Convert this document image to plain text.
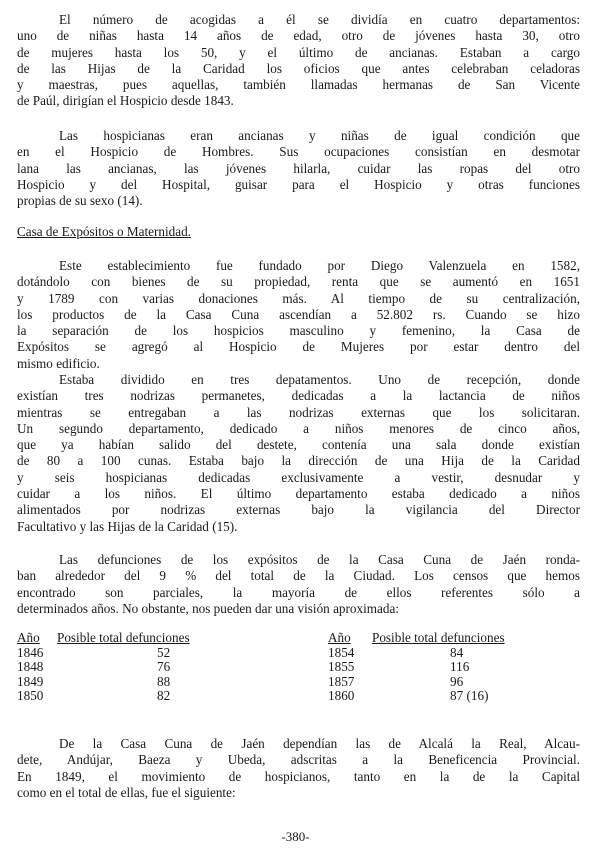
El número de acogidas a él se dividía en cuatro departamentos:
uno de niñas hasta 14 años de edad, otro de jóvenes hasta 30, otro
de mujeres hasta los 50, y el último de ancianas. Estaban a cargo
de las Hijas de la Caridad los oficios que antes celebraban celadoras
y maestras, pues aquellas, también llamadas hermanas de San Vicente
de Paúl, dirigían el Hospicio desde 1843.

Las hospicianas eran ancianas y niñas de igual condición que
en el Hospicio de Hombres. Sus ocupaciones consistían en desmotar
lana las ancianas, las jóvenes hilarla, cuidar las ropas del otro
Hospicio y del Hospital, guisar para el Hospicio y otras funciones
propias de su sexo (14).

Casa de Expósitos o Maternidad.

Este establecimiento fue fundado por Diego Valenzuela en 1582,
dotándolo con bienes de su propiedad, renta que se aumentó en 1651
y 1789 con varias donaciones más. Al tiempo de su centralización,
los productos de la Casa Cuna ascendían a 52.802 rs. Cuando se hizo
la separación de los hospicios masculino y femenino, la Casa de
Expósitos se agregó al Hospicio de Mujeres por estar dentro del
mismo edificio.

Estaba dividido en tres depatamentos. Uno de recepción, donde
existían tres nodrizas permanetes, dedicadas a la lactancia de niños
mientras se entregaban a las nodrizas externas que los solicitaran.
Un segundo departamento, dedicado a niños menores de cinco años,
que ya habían salido del destete, contenía una sala donde existían
de 80 a 100 cunas. Estaba bajo la dirección de una Hija de la Caridad
y seis hospicianas dedicadas exclusivamente a vestir, desnudar y
cuidar a los niños. El último departamento estaba dedicado a niños
alimentados por nodrizas externas bajo la vigilancia del Director
Facultativo y las Hijas de la Caridad (15).

Las defunciones de los expósitos de la Casa Cuna de Jaén ronda-
ban alrededor del 9 % del total de la Ciudad. Los censos que hemos
encontrado son parciales, la mayoría de ellos referentes sólo a
determinados años. No obstante, nos pueden dar una visión aproximada:

Año	Posible total defunciones
1846	52
1848	76
1849	88
1850	82
Año	Posible total defunciones
1854	84
1855	116
1857	96
1860	87 (16)

De la Casa Cuna de Jaén dependían las de Alcalá la Real, Alcau-
dete, Andújar, Baeza y Ubeda, adscritas a la Beneficencia Provincial.
En 1849, el movimiento de hospicianos, tanto en la de la Capital
como en el total de ellas, fue el siguiente:

-380-
